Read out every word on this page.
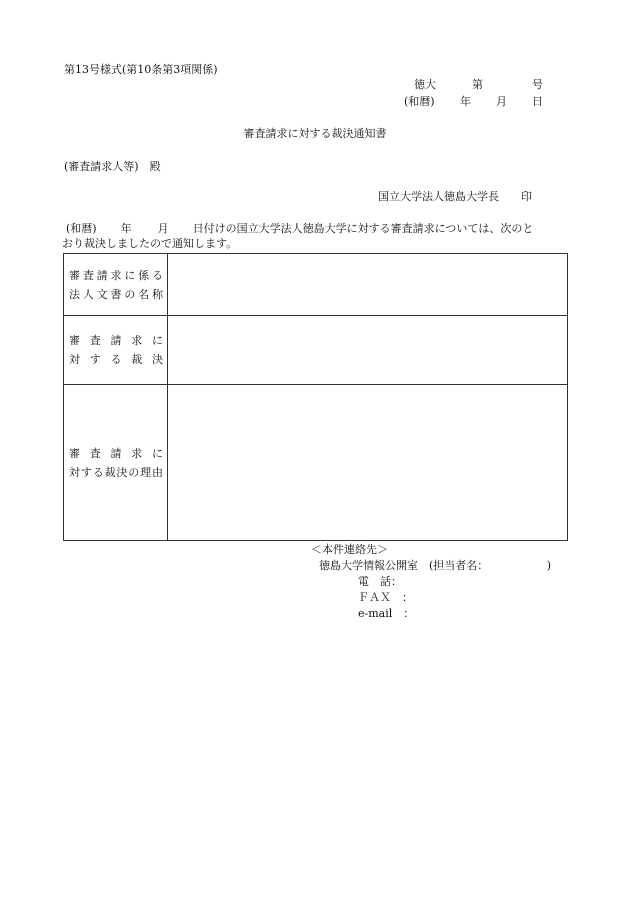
第13号様式(第10条第3項関係)
徳大	第	号
(和暦) 年 月 日
審査請求に対する裁決通知書
(審査請求人等)　殿
国立大学法人徳島大学長 印
(和暦) 年 月 日付けの国立大学法人徳島大学に対する審査請求については、次のと
おり裁決しましたので通知します。
審査請求に係る
法人文書の名称	

審査請求に
対する裁決	

審査請求に
対する裁決の理由	

＜本件連絡先＞
徳島大学情報公開室　(担当者名：	)
電　話：
ＦＡＸ　：
e-mail　：
